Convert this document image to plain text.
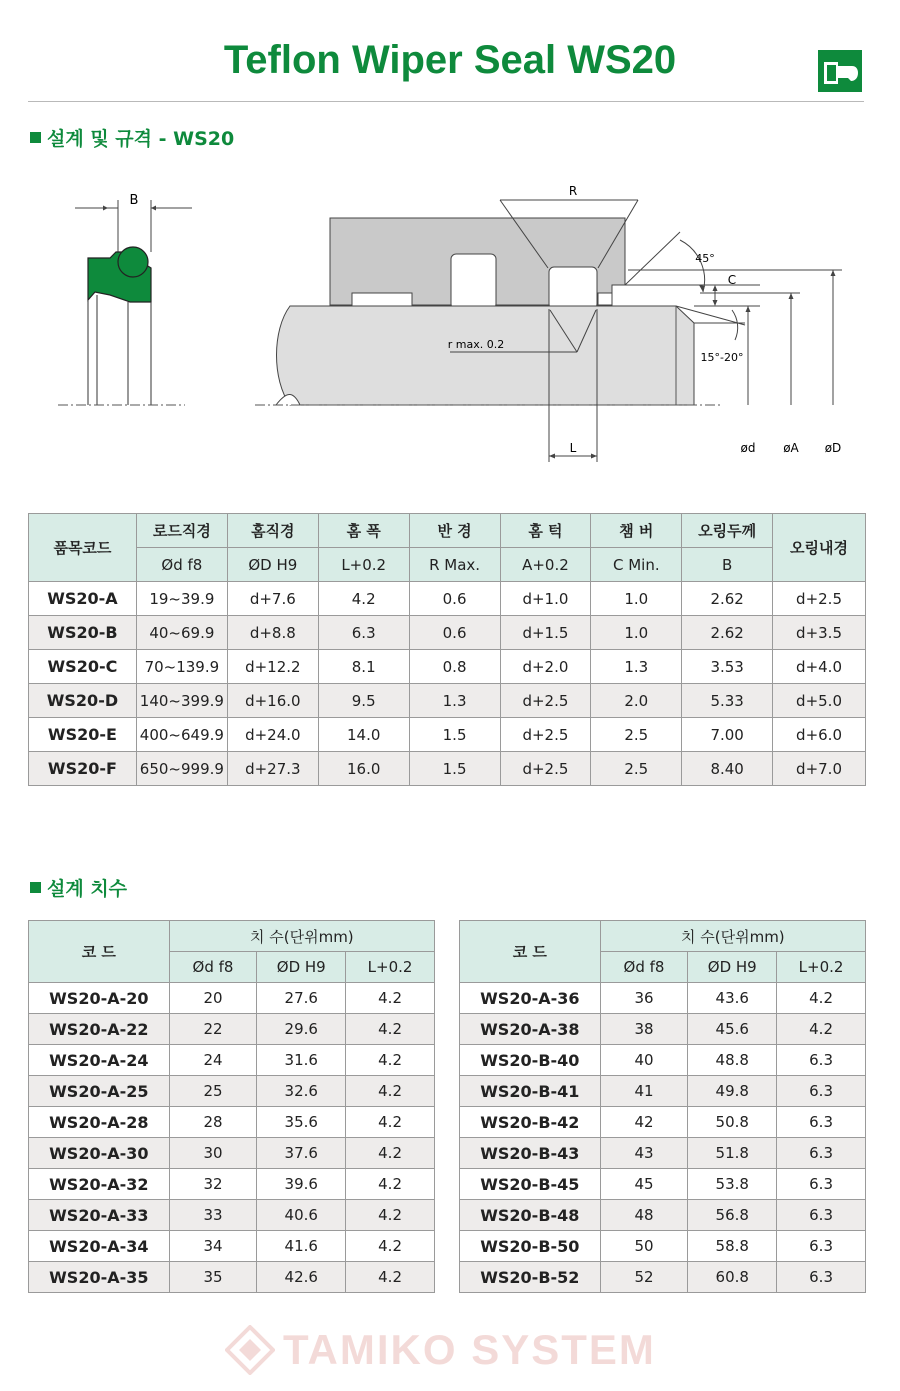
Teflon Wiper Seal WS20
설계 및 규격 - WS20
B
R
r max. 0.2
L
45°
C
15°-20°
ød øA øD
품목코드	로드직경	홈직경	홈 폭	반 경	홈 턱	챔 버	오링두께	오링내경
	Ød f8	ØD H9	L+0.2	R Max.	A+0.2	C Min.	B	
WS20-A	19~39.9	d+7.6	4.2	0.6	d+1.0	1.0	2.62	d+2.5
WS20-B	40~69.9	d+8.8	6.3	0.6	d+1.5	1.0	2.62	d+3.5
WS20-C	70~139.9	d+12.2	8.1	0.8	d+2.0	1.3	3.53	d+4.0
WS20-D	140~399.9	d+16.0	9.5	1.3	d+2.5	2.0	5.33	d+5.0
WS20-E	400~649.9	d+24.0	14.0	1.5	d+2.5	2.5	7.00	d+6.0
WS20-F	650~999.9	d+27.3	16.0	1.5	d+2.5	2.5	8.40	d+7.0
설계 치수
코 드	치 수(단위mm)		
	Ød f8	ØD H9	L+0.2
WS20-A-20	20	27.6	4.2
WS20-A-22	22	29.6	4.2
WS20-A-24	24	31.6	4.2
WS20-A-25	25	32.6	4.2
WS20-A-28	28	35.6	4.2
WS20-A-30	30	37.6	4.2
WS20-A-32	32	39.6	4.2
WS20-A-33	33	40.6	4.2
WS20-A-34	34	41.6	4.2
WS20-A-35	35	42.6	4.2
코 드	치 수(단위mm)		
	Ød f8	ØD H9	L+0.2
WS20-A-36	36	43.6	4.2
WS20-A-38	38	45.6	4.2
WS20-B-40	40	48.8	6.3
WS20-B-41	41	49.8	6.3
WS20-B-42	42	50.8	6.3
WS20-B-43	43	51.8	6.3
WS20-B-45	45	53.8	6.3
WS20-B-48	48	56.8	6.3
WS20-B-50	50	58.8	6.3
WS20-B-52	52	60.8	6.3
TAMIKO SYSTEM
